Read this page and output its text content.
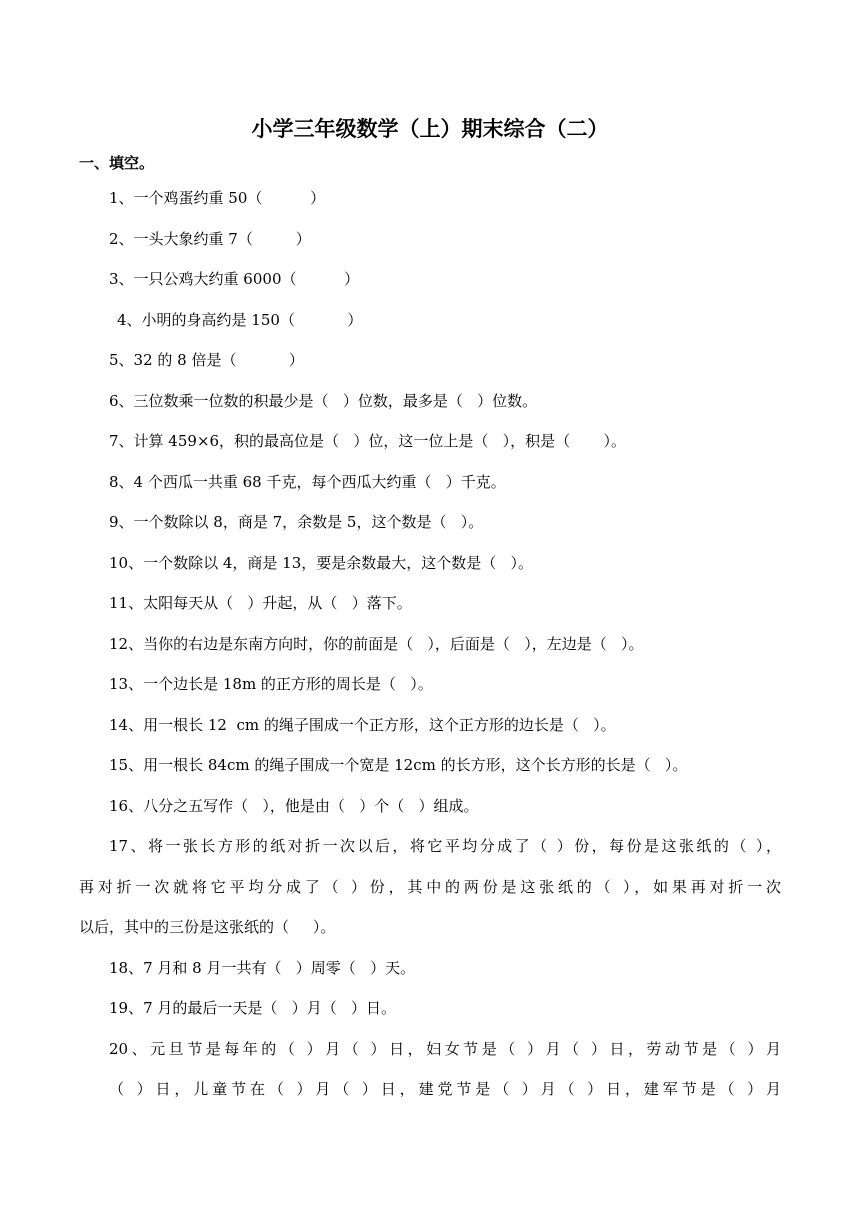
小学三年级数学（上）期末综合（二）
一、填空。
1、一个鸡蛋约重 50（          ）
2、一头大象约重 7（         ）
3、一只公鸡大约重 6000（          ）
4、小明的身高约是 150（           ）
5、32 的 8 倍是（           ）
6、三位数乘一位数的积最少是（   ）位数，最多是（   ）位数。
7、计算 459×6，积的最高位是（   ）位，这一位上是（   ），积是（       ）。
8、4 个西瓜一共重 68 千克，每个西瓜大约重（   ）千克。
9、一个数除以 8，商是 7，余数是 5，这个数是（   ）。
10、一个数除以 4，商是 13，要是余数最大，这个数是（   ）。
11、太阳每天从（   ）升起，从（   ）落下。
12、当你的右边是东南方向时，你的前面是（   ），后面是（   ），左边是（   ）。
13、一个边长是 18m 的正方形的周长是（   ）。
14、用一根长 12  cm 的绳子围成一个正方形，这个正方形的边长是（   ）。
15、用一根长 84cm 的绳子围成一个宽是 12cm 的长方形，这个长方形的长是（   ）。
16、八分之五写作（   ），他是由（   ）个（   ）组成。
17、将一张长方形的纸对折一次以后，将它平均分成了（ ）份，每份是这张纸的（ ），
再对折一次就将它平均分成了（ ）份，其中的两份是这张纸的（ ），如果再对折一次
以后，其中的三份是这张纸的（     ）。
18、7 月和 8 月一共有（   ）周零（   ）天。
19、7 月的最后一天是（   ）月（   ）日。
20、元旦节是每年的（ ）月（ ）日，妇女节是（ ）月（ ）日，劳动节是（ ）月
（ ）日，儿童节在（ ）月（ ）日，建党节是（ ）月（ ）日，建军节是（ ）月
